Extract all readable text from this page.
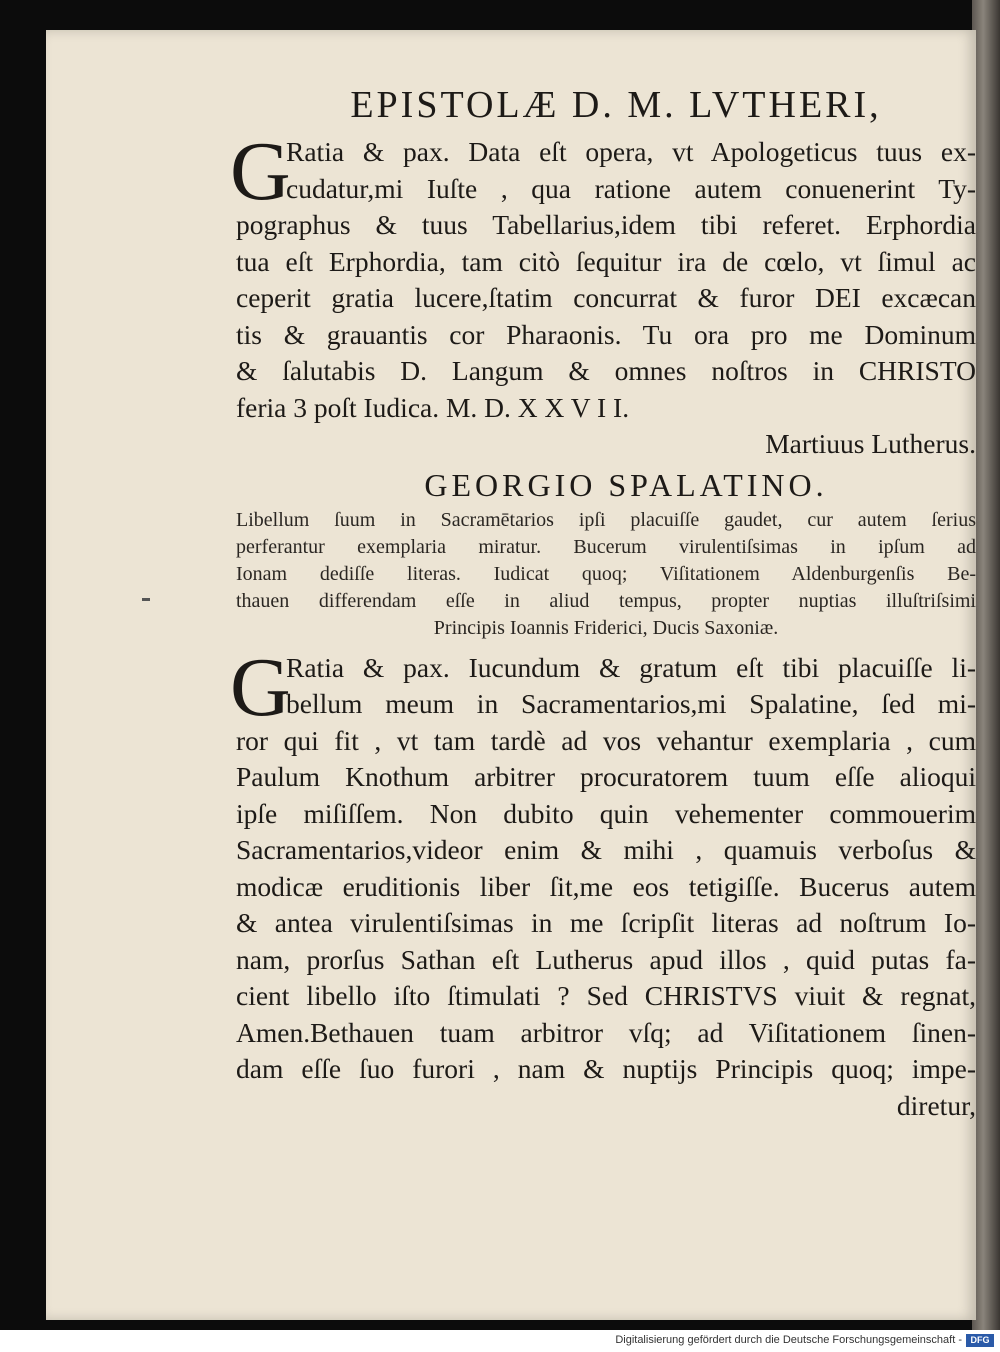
EPISTOLÆ D. M. LVTHERI,
G
Ratia & pax. Data eſt opera, vt Apologeticus tuus ex-
cudatur,mi Iuſte , qua ratione autem conuenerint Ty-
pographus & tuus Tabellarius,idem tibi referet. Erphordia
tua eſt Erphordia, tam citò ſequitur ira de cœlo, vt ſimul ac
ceperit gratia lucere,ſtatim concurrat & furor DEI excæcan
tis & grauantis cor Pharaonis. Tu ora pro me Dominum
& ſalutabis D. Langum & omnes noſtros in CHRISTO
feria 3 poſt Iudica. M. D. X X V I I.
Martiuus Lutherus.
GEORGIO SPALATINO.
Libellum ſuum in Sacramētarios ipſi placuiſſe gaudet, cur autem ſerius
perferantur exemplaria miratur. Bucerum virulentiſsimas in ipſum ad
Ionam dediſſe literas. Iudicat quoq; Viſitationem Aldenburgenſis Be-
thauen differendam eſſe in aliud tempus, propter nuptias illuſtriſsimi
Principis Ioannis Friderici, Ducis Saxoniæ.
G
Ratia & pax. Iucundum & gratum eſt tibi placuiſſe li-
bellum meum in Sacramentarios,mi Spalatine, ſed mi-
ror qui fit , vt tam tardè ad vos vehantur exemplaria , cum
Paulum Knothum arbitrer procuratorem tuum eſſe alioqui
ipſe miſiſſem. Non dubito quin vehementer commouerim
Sacramentarios,videor enim & mihi , quamuis verboſus &
modicæ eruditionis liber ſit,me eos tetigiſſe. Bucerus autem
& antea virulentiſsimas in me ſcripſit literas ad noſtrum Io-
nam, prorſus Sathan eſt Lutherus apud illos , quid putas fa-
cient libello iſto ſtimulati ? Sed CHRISTVS viuit & regnat,
Amen.Bethauen tuam arbitror vſq; ad Viſitationem ſinen-
dam eſſe ſuo furori , nam & nuptijs Principis quoq; impe-
diretur,
Digitalisierung gefördert durch die Deutsche Forschungsgemeinschaft - DFG
